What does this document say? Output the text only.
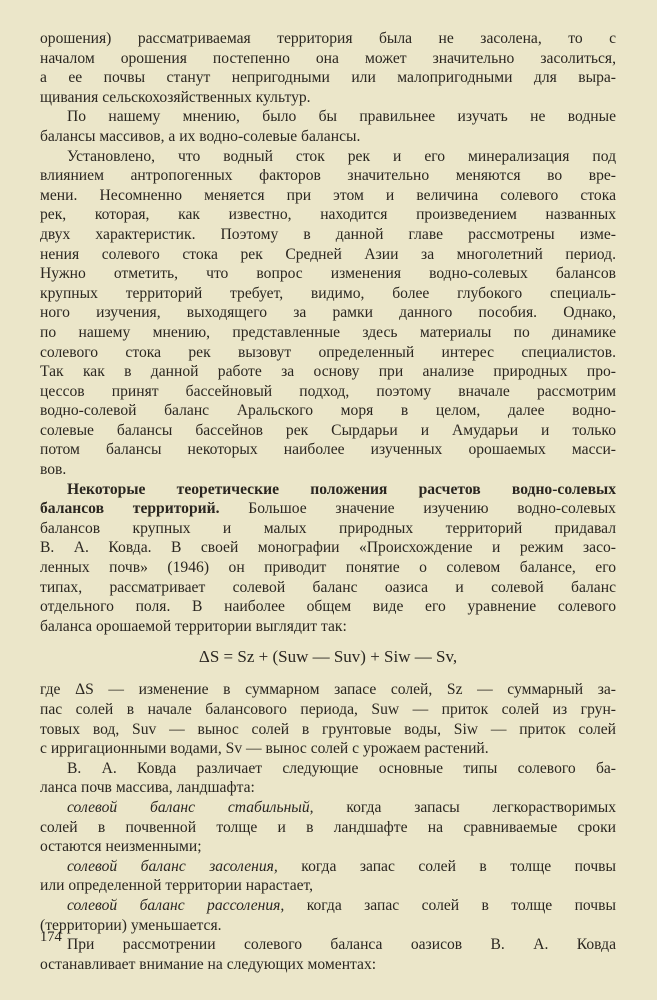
орошения) рассматриваемая территория была не засолена, то с
началом орошения постепенно она может значительно засолиться,
а ее почвы станут непригодными или малопригодными для выра-
щивания сельскохозяйственных культур.
По нашему мнению, было бы правильнее изучать не водные
балансы массивов, а их водно-солевые балансы.
Установлено, что водный сток рек и его минерализация под
влиянием антропогенных факторов значительно меняются во вре-
мени. Несомненно меняется при этом и величина солевого стока
рек, которая, как известно, находится произведением названных
двух характеристик. Поэтому в данной главе рассмотрены изме-
нения солевого стока рек Средней Азии за многолетний период.
Нужно отметить, что вопрос изменения водно-солевых балансов
крупных территорий требует, видимо, более глубокого специаль-
ного изучения, выходящего за рамки данного пособия. Однако,
по нашему мнению, представленные здесь материалы по динамике
солевого стока рек вызовут определенный интерес специалистов.
Так как в данной работе за основу при анализе природных про-
цессов принят бассейновый подход, поэтому вначале рассмотрим
водно-солевой баланс Аральского моря в целом, далее водно-
солевые балансы бассейнов рек Сырдарьи и Амударьи и только
потом балансы некоторых наиболее изученных орошаемых масси-
вов.
Некоторые теоретические положения расчетов водно-солевых
балансов территорий. Большое значение изучению водно-солевых
балансов крупных и малых природных территорий придавал
В. А. Ковда. В своей монографии «Происхождение и режим засо-
ленных почв» (1946) он приводит понятие о солевом балансе, его
типах, рассматривает солевой баланс оазиса и солевой баланс
отдельного поля. В наиболее общем виде его уравнение солевого
баланса орошаемой территории выглядит так:
ΔS = Sz + (Suw — Suv) + Siw — Sv,
где ΔS — изменение в суммарном запасе солей, Sz — суммарный за-
пас солей в начале балансового периода, Suw — приток солей из грун-
товых вод, Suv — вынос солей в грунтовые воды, Siw — приток солей
с ирригационными водами, Sv — вынос солей с урожаем растений.
В. А. Ковда различает следующие основные типы солевого ба-
ланса почв массива, ландшафта:
солевой баланс стабильный, когда запасы легкорастворимых
солей в почвенной толще и в ландшафте на сравниваемые сроки
остаются неизменными;
солевой баланс засоления, когда запас солей в толще почвы
или определенной территории нарастает,
солевой баланс рассоления, когда запас солей в толще почвы
(территории) уменьшается.
При рассмотрении солевого баланса оазисов В. А. Ковда
останавливает внимание на следующих моментах:
174
